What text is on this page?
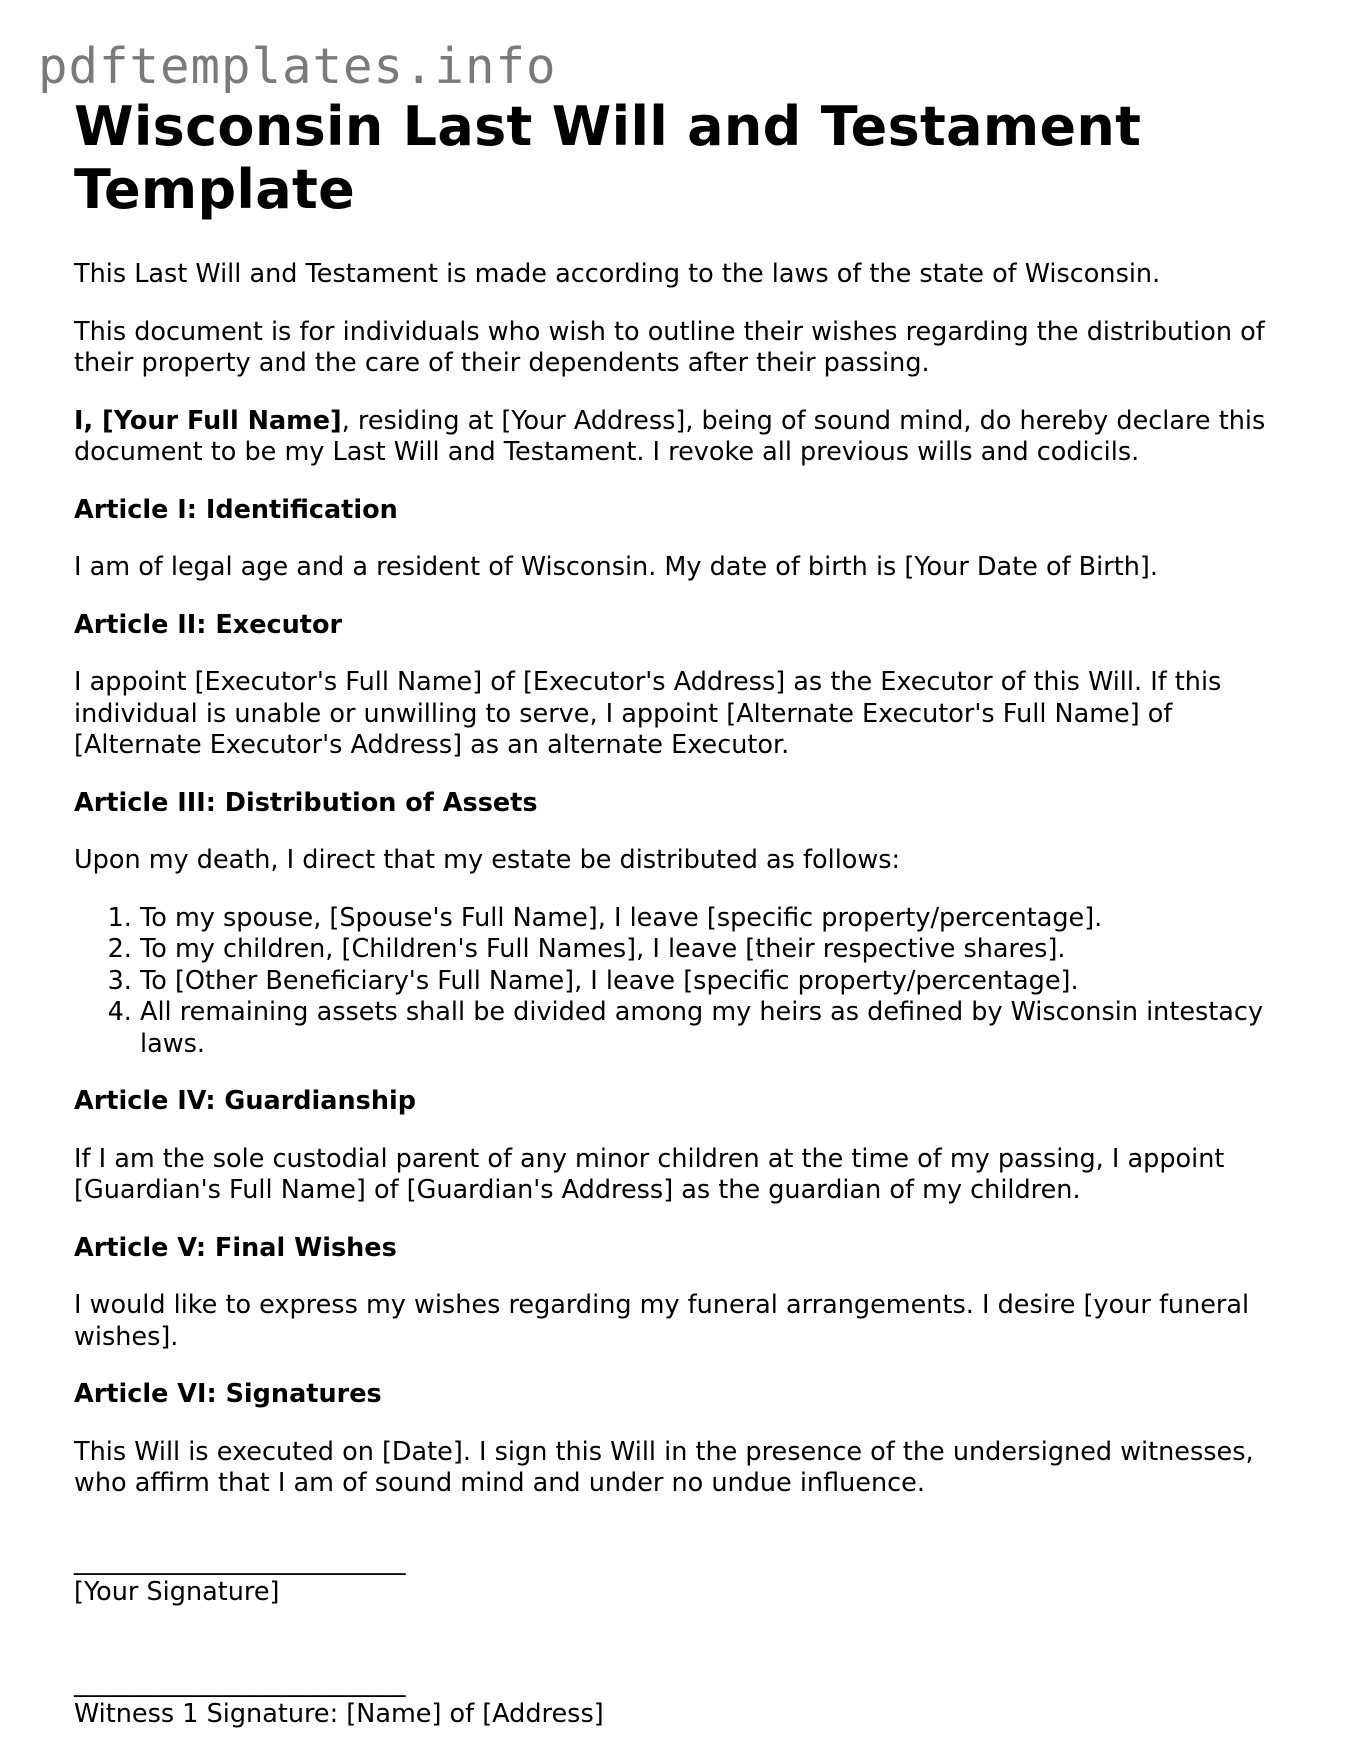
pdftemplates.info
Wisconsin Last Will and Testament Template

This Last Will and Testament is made according to the laws of the state of Wisconsin.

This document is for individuals who wish to outline their wishes regarding the distribution of their property and the care of their dependents after their passing.

I, [Your Full Name], residing at [Your Address], being of sound mind, do hereby declare this document to be my Last Will and Testament. I revoke all previous wills and codicils.

Article I: Identification

I am of legal age and a resident of Wisconsin. My date of birth is [Your Date of Birth].

Article II: Executor

I appoint [Executor's Full Name] of [Executor's Address] as the Executor of this Will. If this individual is unable or unwilling to serve, I appoint [Alternate Executor's Full Name] of [Alternate Executor's Address] as an alternate Executor.

Article III: Distribution of Assets

Upon my death, I direct that my estate be distributed as follows:

1. To my spouse, [Spouse's Full Name], I leave [specific property/percentage].
2. To my children, [Children's Full Names], I leave [their respective shares].
3. To [Other Beneficiary's Full Name], I leave [specific property/percentage].
4. All remaining assets shall be divided among my heirs as defined by Wisconsin intestacy laws.
Article IV: Guardianship

If I am the sole custodial parent of any minor children at the time of my passing, I appoint [Guardian's Full Name] of [Guardian's Address] as the guardian of my children.

Article V: Final Wishes

I would like to express my wishes regarding my funeral arrangements. I desire [your funeral wishes].

Article VI: Signatures

This Will is executed on [Date]. I sign this Will in the presence of the undersigned witnesses, who affirm that I am of sound mind and under no undue influence.

__________________________
[Your Signature]
__________________________
Witness 1 Signature: [Name] of [Address]
